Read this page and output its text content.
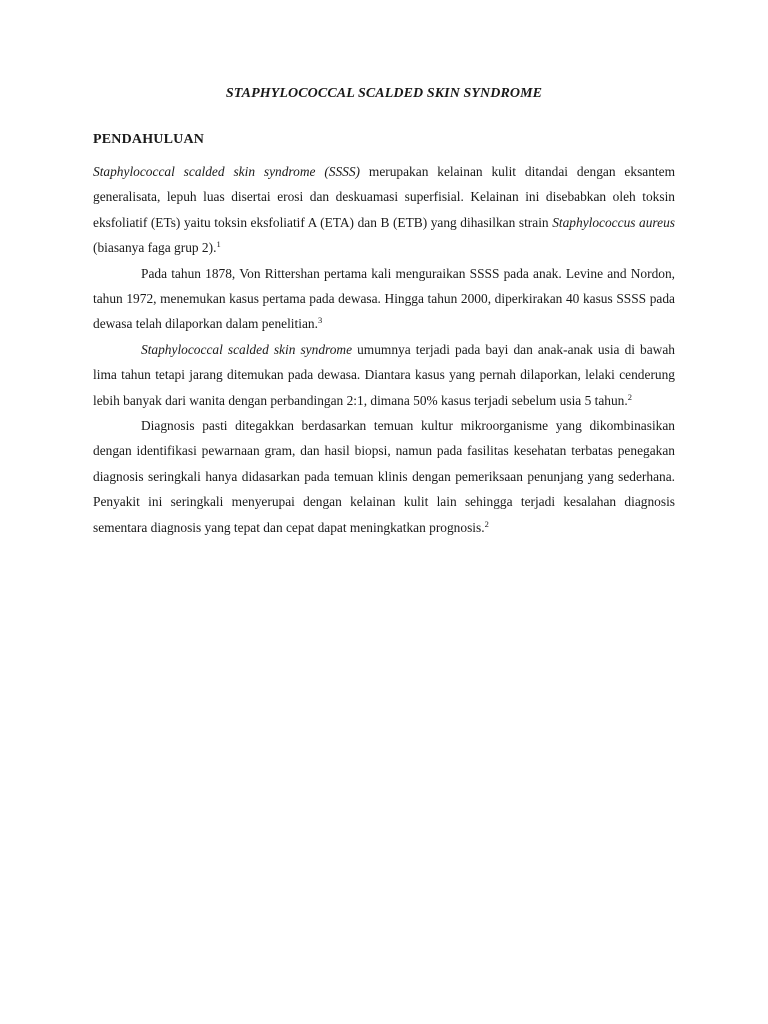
STAPHYLOCOCCAL SCALDED SKIN SYNDROME
PENDAHULUAN

Staphylococcal scalded skin syndrome (SSSS) merupakan kelainan kulit ditandai dengan eksantem generalisata, lepuh luas disertai erosi dan deskuamasi superfisial. Kelainan ini disebabkan oleh toksin eksfoliatif (ETs) yaitu toksin eksfoliatif A (ETA) dan B (ETB) yang dihasilkan strain Staphylococcus aureus (biasanya faga grup 2).$^1$

Pada tahun 1878, Von Rittershan pertama kali menguraikan SSSS pada anak. Levine and Nordon, tahun 1972, menemukan kasus pertama pada dewasa. Hingga tahun 2000, diperkirakan 40 kasus SSSS pada dewasa telah dilaporkan dalam penelitian.$^3$

Staphylococcal scalded skin syndrome umumnya terjadi pada bayi dan anak-anak usia di bawah lima tahun tetapi jarang ditemukan pada dewasa. Diantara kasus yang pernah dilaporkan, lelaki cenderung lebih banyak dari wanita dengan perbandingan 2:1, dimana 50% kasus terjadi sebelum usia 5 tahun.$^2$

Diagnosis pasti ditegakkan berdasarkan temuan kultur mikroorganisme yang dikombinasikan dengan identifikasi pewarnaan gram, dan hasil biopsi, namun pada fasilitas kesehatan terbatas penegakan diagnosis seringkali hanya didasarkan pada temuan klinis dengan pemeriksaan penunjang yang sederhana. Penyakit ini seringkali menyerupai dengan kelainan kulit lain sehingga terjadi kesalahan diagnosis sementara diagnosis yang tepat dan cepat dapat meningkatkan prognosis.$^2$
